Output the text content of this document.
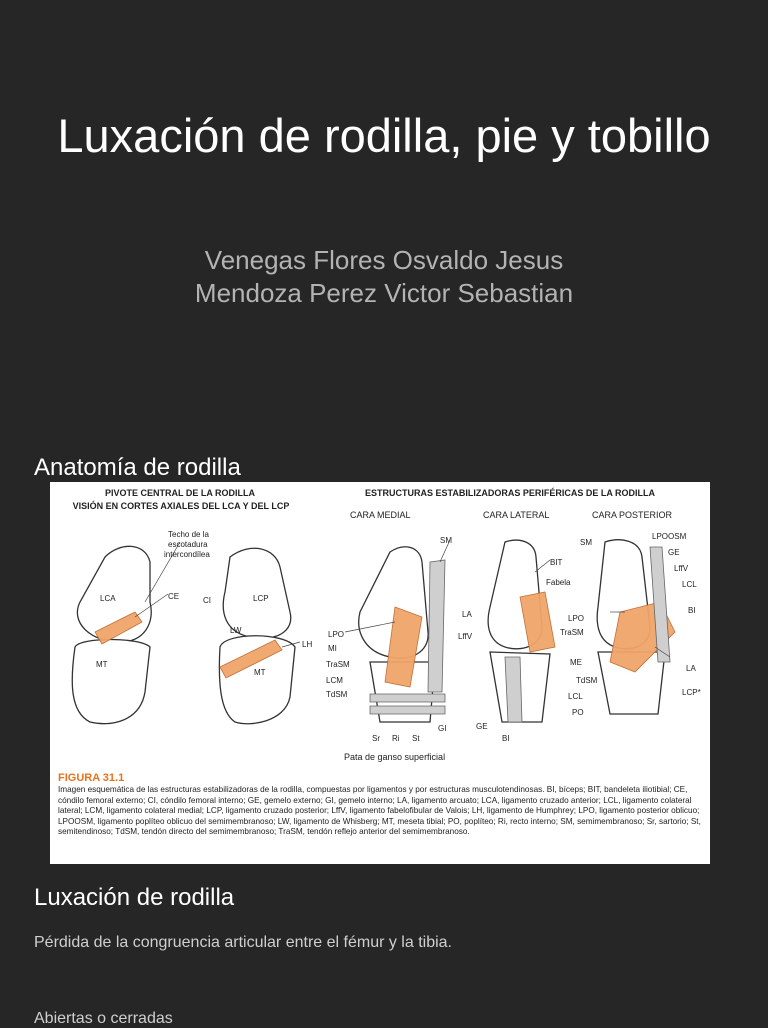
Luxación de rodilla, pie y tobillo
Venegas Flores Osvaldo Jesus
Mendoza Perez Victor Sebastian
Anatomía de rodilla
PIVOTE CENTRAL DE LA RODILLA
VISIÓN EN CORTES AXIALES DEL LCA Y DEL LCP
ESTRUCTURAS ESTABILIZADORAS PERIFÉRICAS DE LA RODILLA
CARA MEDIAL	CARA LATERAL	CARA POSTERIOR
Techo de la
escotadura
intercondílea
LCA	CE
MT
CI	LCP
LW
LH
MT
SM
LPO
MI
TraSM
LCM
TdSM
Sr Ri St
GI
Pata de ganso superficial
BIT
Fabela
LA
LffV
GE
BI
SM
LPOOSM
GE
LffV
LCL
BI
LPO
TraSM
ME
TdSM
LCL
PO
LA
LCP*
FIGURA 31.1
Imagen esquemática de las estructuras estabilizadoras de la rodilla, compuestas por ligamentos y por estructuras musculotendinosas. BI, bíceps; BIT, bandeleta iliotibial; CE, cóndilo femoral externo; CI, cóndilo femoral interno; GE, gemelo externo; GI, gemelo interno; LA, ligamento arcuato; LCA, ligamento cruzado anterior; LCL, ligamento colateral lateral; LCM, ligamento colateral medial; LCP, ligamento cruzado posterior; LffV, ligamento fabelofibular de Valois; LH, ligamento de Humphrey; LPO, ligamento posterior oblicuo; LPOOSM, ligamento poplíteo oblicuo del semimembranoso; LW, ligamento de Whisberg; MT, meseta tibial; PO, poplíteo; Ri, recto interno; SM, semimembranoso; Sr, sartorio; St, semitendinoso; TdSM, tendón directo del semimembranoso; TraSM, tendón reflejo anterior del semimembranoso.
Luxación de rodilla

Pérdida de la congruencia articular entre el fémur y la tibia.

Abiertas o cerradas
